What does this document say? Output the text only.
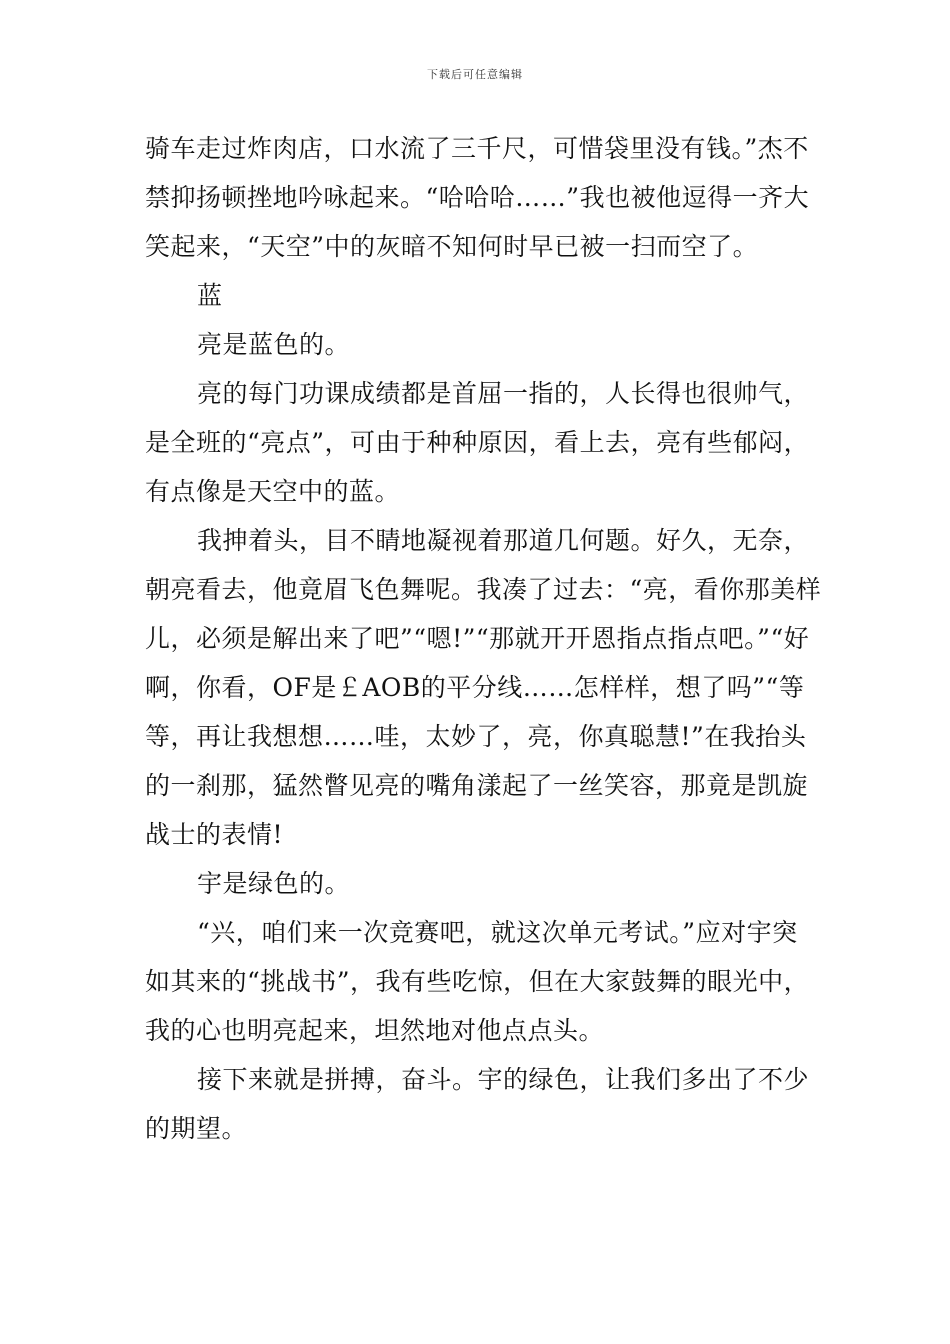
下载后可任意编辑

骑车走过炸肉店，口水流了三千尺，可惜袋里没有钱。”杰不禁抑扬顿挫地吟咏起来。“哈哈哈……”我也被他逗得一齐大笑起来，“天空”中的灰暗不知何时早已被一扫而空了。

蓝

亮是蓝色的。

亮的每门功课成绩都是首屈一指的，人长得也很帅气，是全班的“亮点”，可由于种种原因，看上去，亮有些郁闷，有点像是天空中的蓝。

我抻着头，目不睛地凝视着那道几何题。好久，无奈，朝亮看去，他竟眉飞色舞呢。我凑了过去：“亮，看你那美样儿，必须是解出来了吧”“嗯!”“那就开开恩指点指点吧。”“好啊，你看，OF是￡AOB的平分线……怎样样，想了吗”“等等，再让我想想……哇，太妙了，亮，你真聪慧!”在我抬头的一刹那，猛然瞥见亮的嘴角漾起了一丝笑容，那竟是凯旋战士的表情!

宇是绿色的。

“兴，咱们来一次竞赛吧，就这次单元考试。”应对宇突如其来的“挑战书”，我有些吃惊，但在大家鼓舞的眼光中，我的心也明亮起来，坦然地对他点点头。

接下来就是拼搏，奋斗。宇的绿色，让我们多出了不少的期望。
